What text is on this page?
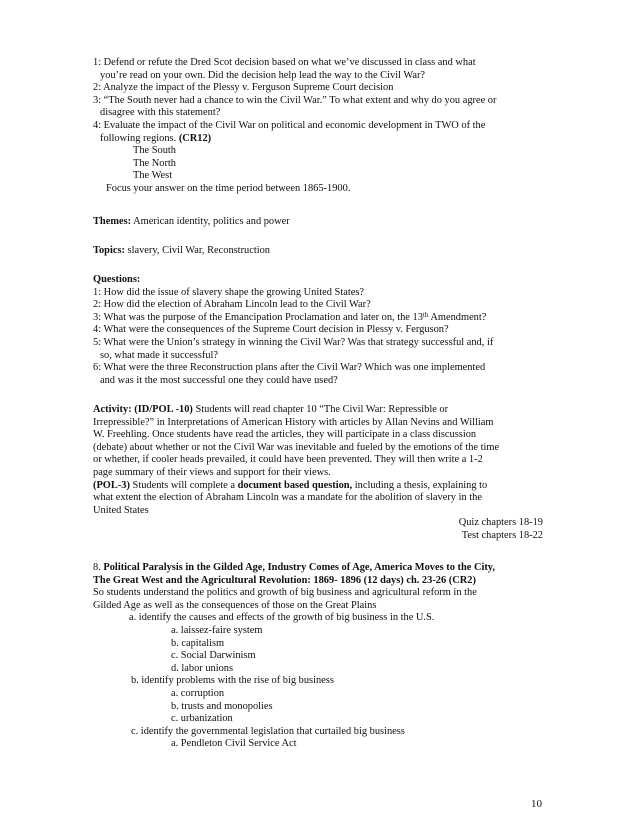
1: Defend or refute the Dred Scot decision based on what we’ve discussed in class and what
you’re read on your own. Did the decision help lead the way to the Civil War?
2: Analyze the impact of the Plessy v. Ferguson Supreme Court decision
3: “The South never had a chance to win the Civil War.” To what extent and why do you agree or
disagree with this statement?
4: Evaluate the impact of the Civil War on political and economic development in TWO of the
following regions. (CR12)
The South
The North
The West
Focus your answer on the time period between 1865-1900.
Themes: American identity, politics and power
Topics: slavery, Civil War, Reconstruction
Questions:
1: How did the issue of slavery shape the growing United States?
2: How did the election of Abraham Lincoln lead to the Civil War?
3: What was the purpose of the Emancipation Proclamation and later on, the 13th Amendment?
4: What were the consequences of the Supreme Court decision in Plessy v. Ferguson?
5: What were the Union’s strategy in winning the Civil War? Was that strategy successful and, if
so, what made it successful?
6: What were the three Reconstruction plans after the Civil War? Which was one implemented
and was it the most successful one they could have used?
Activity: (ID/POL -10) Students will read chapter 10 “The Civil War: Repressible or
Irrepressible?” in Interpretations of American History with articles by Allan Nevins and William
W. Freehling. Once students have read the articles, they will participate in a class discussion
(debate) about whether or not the Civil War was inevitable and fueled by the emotions of the time
or whether, if cooler heads prevailed, it could have been prevented. They will then write a 1-2
page summary of their views and support for their views.
(POL-3) Students will complete a document based question, including a thesis, explaining to
what extent the election of Abraham Lincoln was a mandate for the abolition of slavery in the
United States
Quiz chapters 18-19
Test chapters 18-22
8. Political Paralysis in the Gilded Age, Industry Comes of Age, America Moves to the City,
The Great West and the Agricultural Revolution: 1869- 1896 (12 days) ch. 23-26 (CR2)
So students understand the politics and growth of big business and agricultural reform in the
Gilded Age as well as the consequences of those on the Great Plains
a. identify the causes and effects of the growth of big business in the U.S.
a. laissez-faire system
b. capitalism
c. Social Darwinism
d. labor unions
b. identify problems with the rise of big business
a. corruption
b. trusts and monopolies
c. urbanization
c. identify the governmental legislation that curtailed big business
a. Pendleton Civil Service Act
10
